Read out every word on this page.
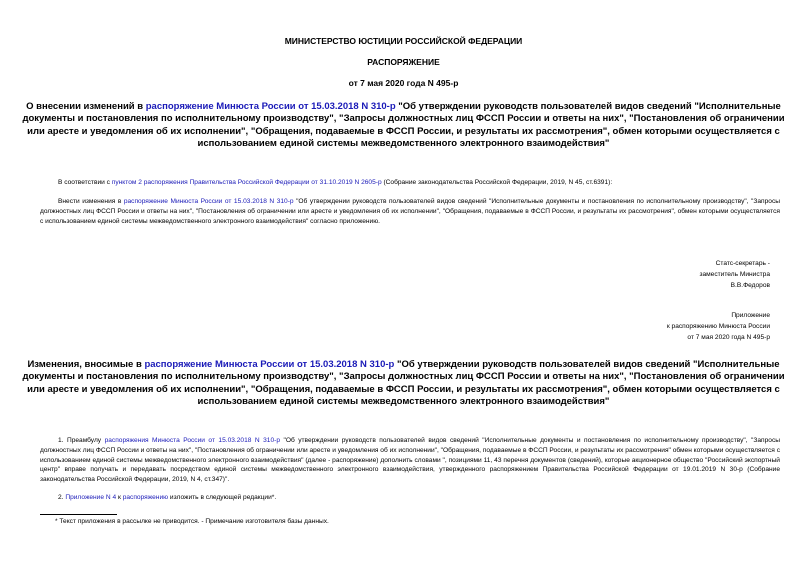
МИНИСТЕРСТВО ЮСТИЦИИ РОССИЙСКОЙ ФЕДЕРАЦИИ
РАСПОРЯЖЕНИЕ
от 7 мая 2020 года N 495-р
О внесении изменений в распоряжение Минюста России от 15.03.2018 N 310-р "Об утверждении руководств пользователей видов сведений "Исполнительные документы и постановления по исполнительному производству", "Запросы должностных лиц ФССП России и ответы на них", "Постановления об ограничении или аресте и уведомления об их исполнении", "Обращения, подаваемые в ФССП России, и результаты их рассмотрения", обмен которыми осуществляется с использованием единой системы межведомственного электронного взаимодействия"
В соответствии с пунктом 2 распоряжения Правительства Российской Федерации от 31.10.2019 N 2605-р (Собрание законодательства Российской Федерации, 2019, N 45, ст.6391):
Внести изменения в распоряжение Минюста России от 15.03.2018 N 310-р "Об утверждении руководств пользователей видов сведений "Исполнительные документы и постановления по исполнительному производству", "Запросы должностных лиц ФССП России и ответы на них", "Постановления об ограничении или аресте и уведомления об их исполнении", "Обращения, подаваемые в ФССП России, и результаты их рассмотрения", обмен которыми осуществляется с использованием единой системы межведомственного электронного взаимодействия" согласно приложению.
Статс-секретарь -
заместитель Министра
В.В.Федоров
Приложение
к распоряжению Минюста России
от 7 мая 2020 года N 495-р
Изменения, вносимые в распоряжение Минюста России от 15.03.2018 N 310-р "Об утверждении руководств пользователей видов сведений "Исполнительные документы и постановления по исполнительному производству", "Запросы должностных лиц ФССП России и ответы на них", "Постановления об ограничении или аресте и уведомления об их исполнении", "Обращения, подаваемые в ФССП России, и результаты их рассмотрения", обмен которыми осуществляется с использованием единой системы межведомственного электронного взаимодействия"
1. Преамбулу распоряжения Минюста России от 15.03.2018 N 310-р "Об утверждении руководств пользователей видов сведений "Исполнительные документы и постановления по исполнительному производству", "Запросы должностных лиц ФССП России и ответы на них", "Постановления об ограничении или аресте и уведомления об их исполнении", "Обращения, подаваемые в ФССП России, и результаты их рассмотрения" обмен которыми осуществляется с использованием единой системы межведомственного электронного взаимодействия" (далее - распоряжение) дополнить словами ", позициями 11, 43 перечня документов (сведений), которые акционерное общество "Российский экспортный центр" вправе получать и передавать посредством единой системы межведомственного электронного взаимодействия, утвержденного распоряжением Правительства Российской Федерации от 19.01.2019 N 30-р (Собрание законодательства Российской Федерации, 2019, N 4, ст.347)".
2. Приложение N 4 к распоряжению изложить в следующей редакции*.
* Текст приложения в рассылке не приводится. - Примечание изготовителя базы данных.
